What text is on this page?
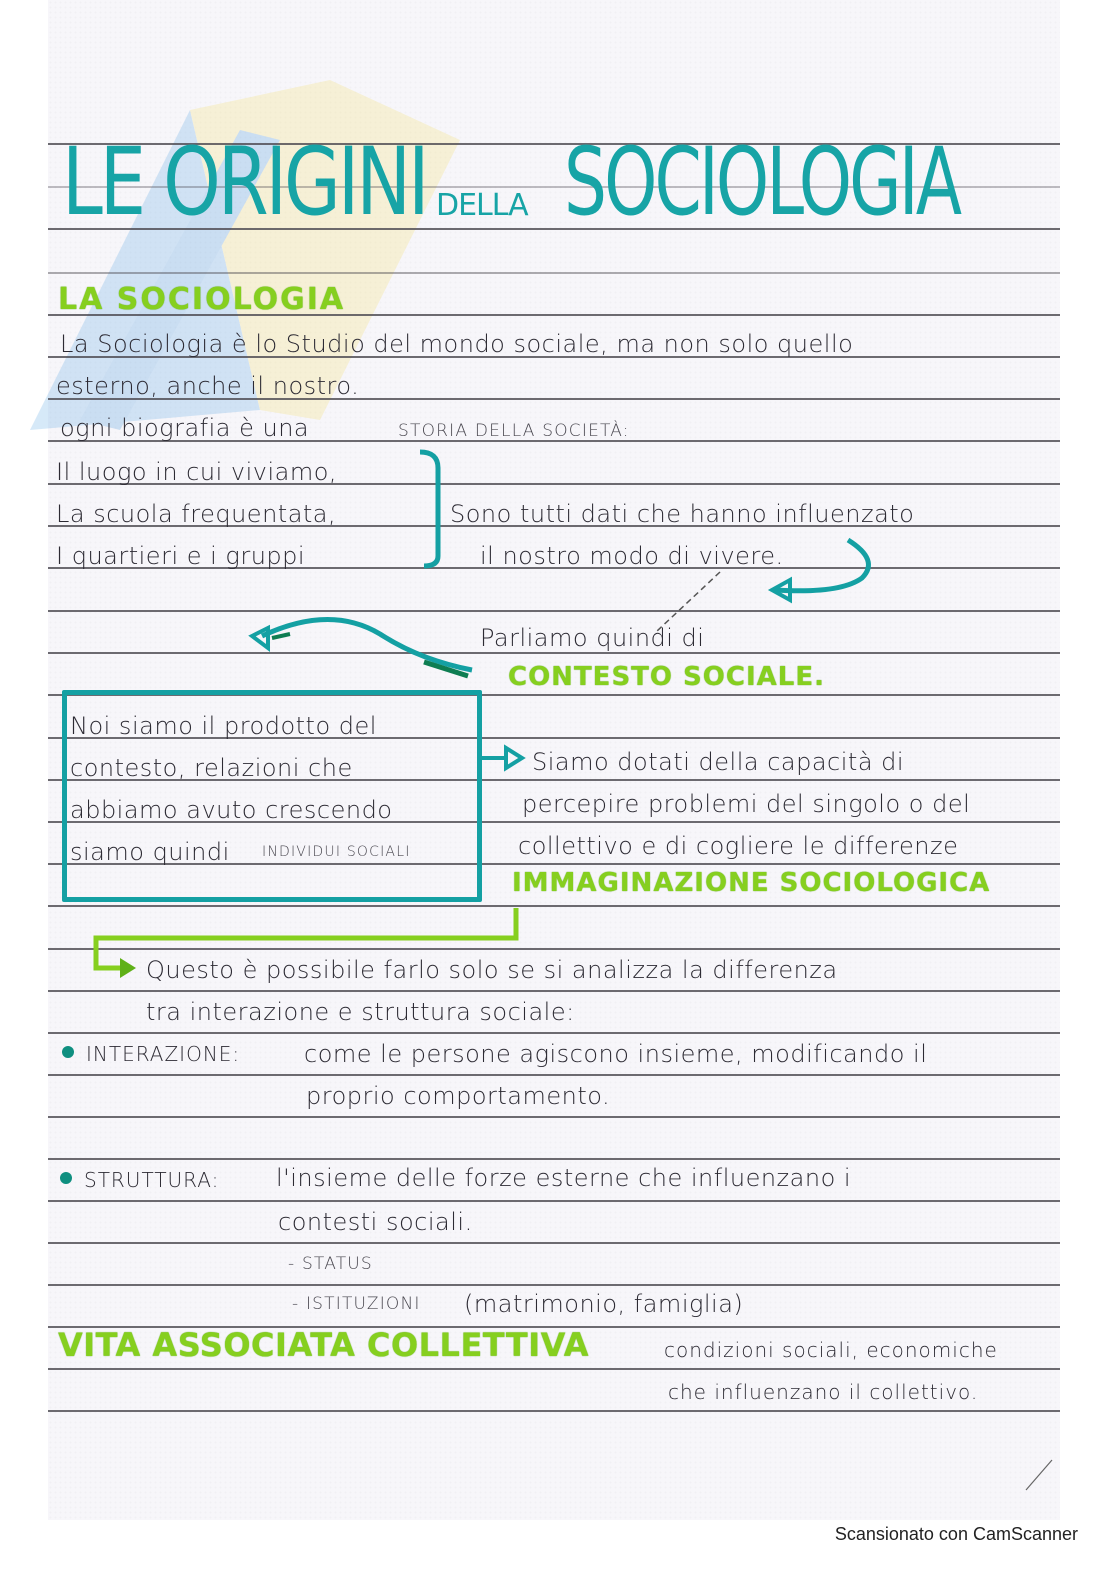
LE ORIGINI DELLA SOCIOLOGIA
LA SOCIOLOGIA
La Sociologia è lo Studio del mondo sociale, ma non solo quello
esterno, anche il nostro.
ogni biografia è una	STORIA DELLA SOCIETÀ:
Il luogo in cui viviamo,
La scuola frequentata,
I quartieri e i gruppi
Sono tutti dati che hanno influenzato
il nostro modo di vivere.
Parliamo quindi di
CONTESTO SOCIALE.
Noi siamo il prodotto del
contesto, relazioni che
abbiamo avuto crescendo
siamo quindi INDIVIDUI SOCIALI
Siamo dotati della capacità di
percepire problemi del singolo o del
collettivo e di cogliere le differenze
IMMAGINAZIONE SOCIOLOGICA
Questo è possibile farlo solo se si analizza la differenza
tra interazione e struttura sociale:
INTERAZIONE:	come le persone agiscono insieme, modificando il
proprio comportamento.
STRUTTURA: l'insieme delle forze esterne che influenzano i
contesti sociali.
- STATUS
- ISTITUZIONI (matrimonio, famiglia)
VITA ASSOCIATA COLLETTIVA	condizioni sociali, economiche
che influenzano il collettivo.
Scansionato con CamScanner
